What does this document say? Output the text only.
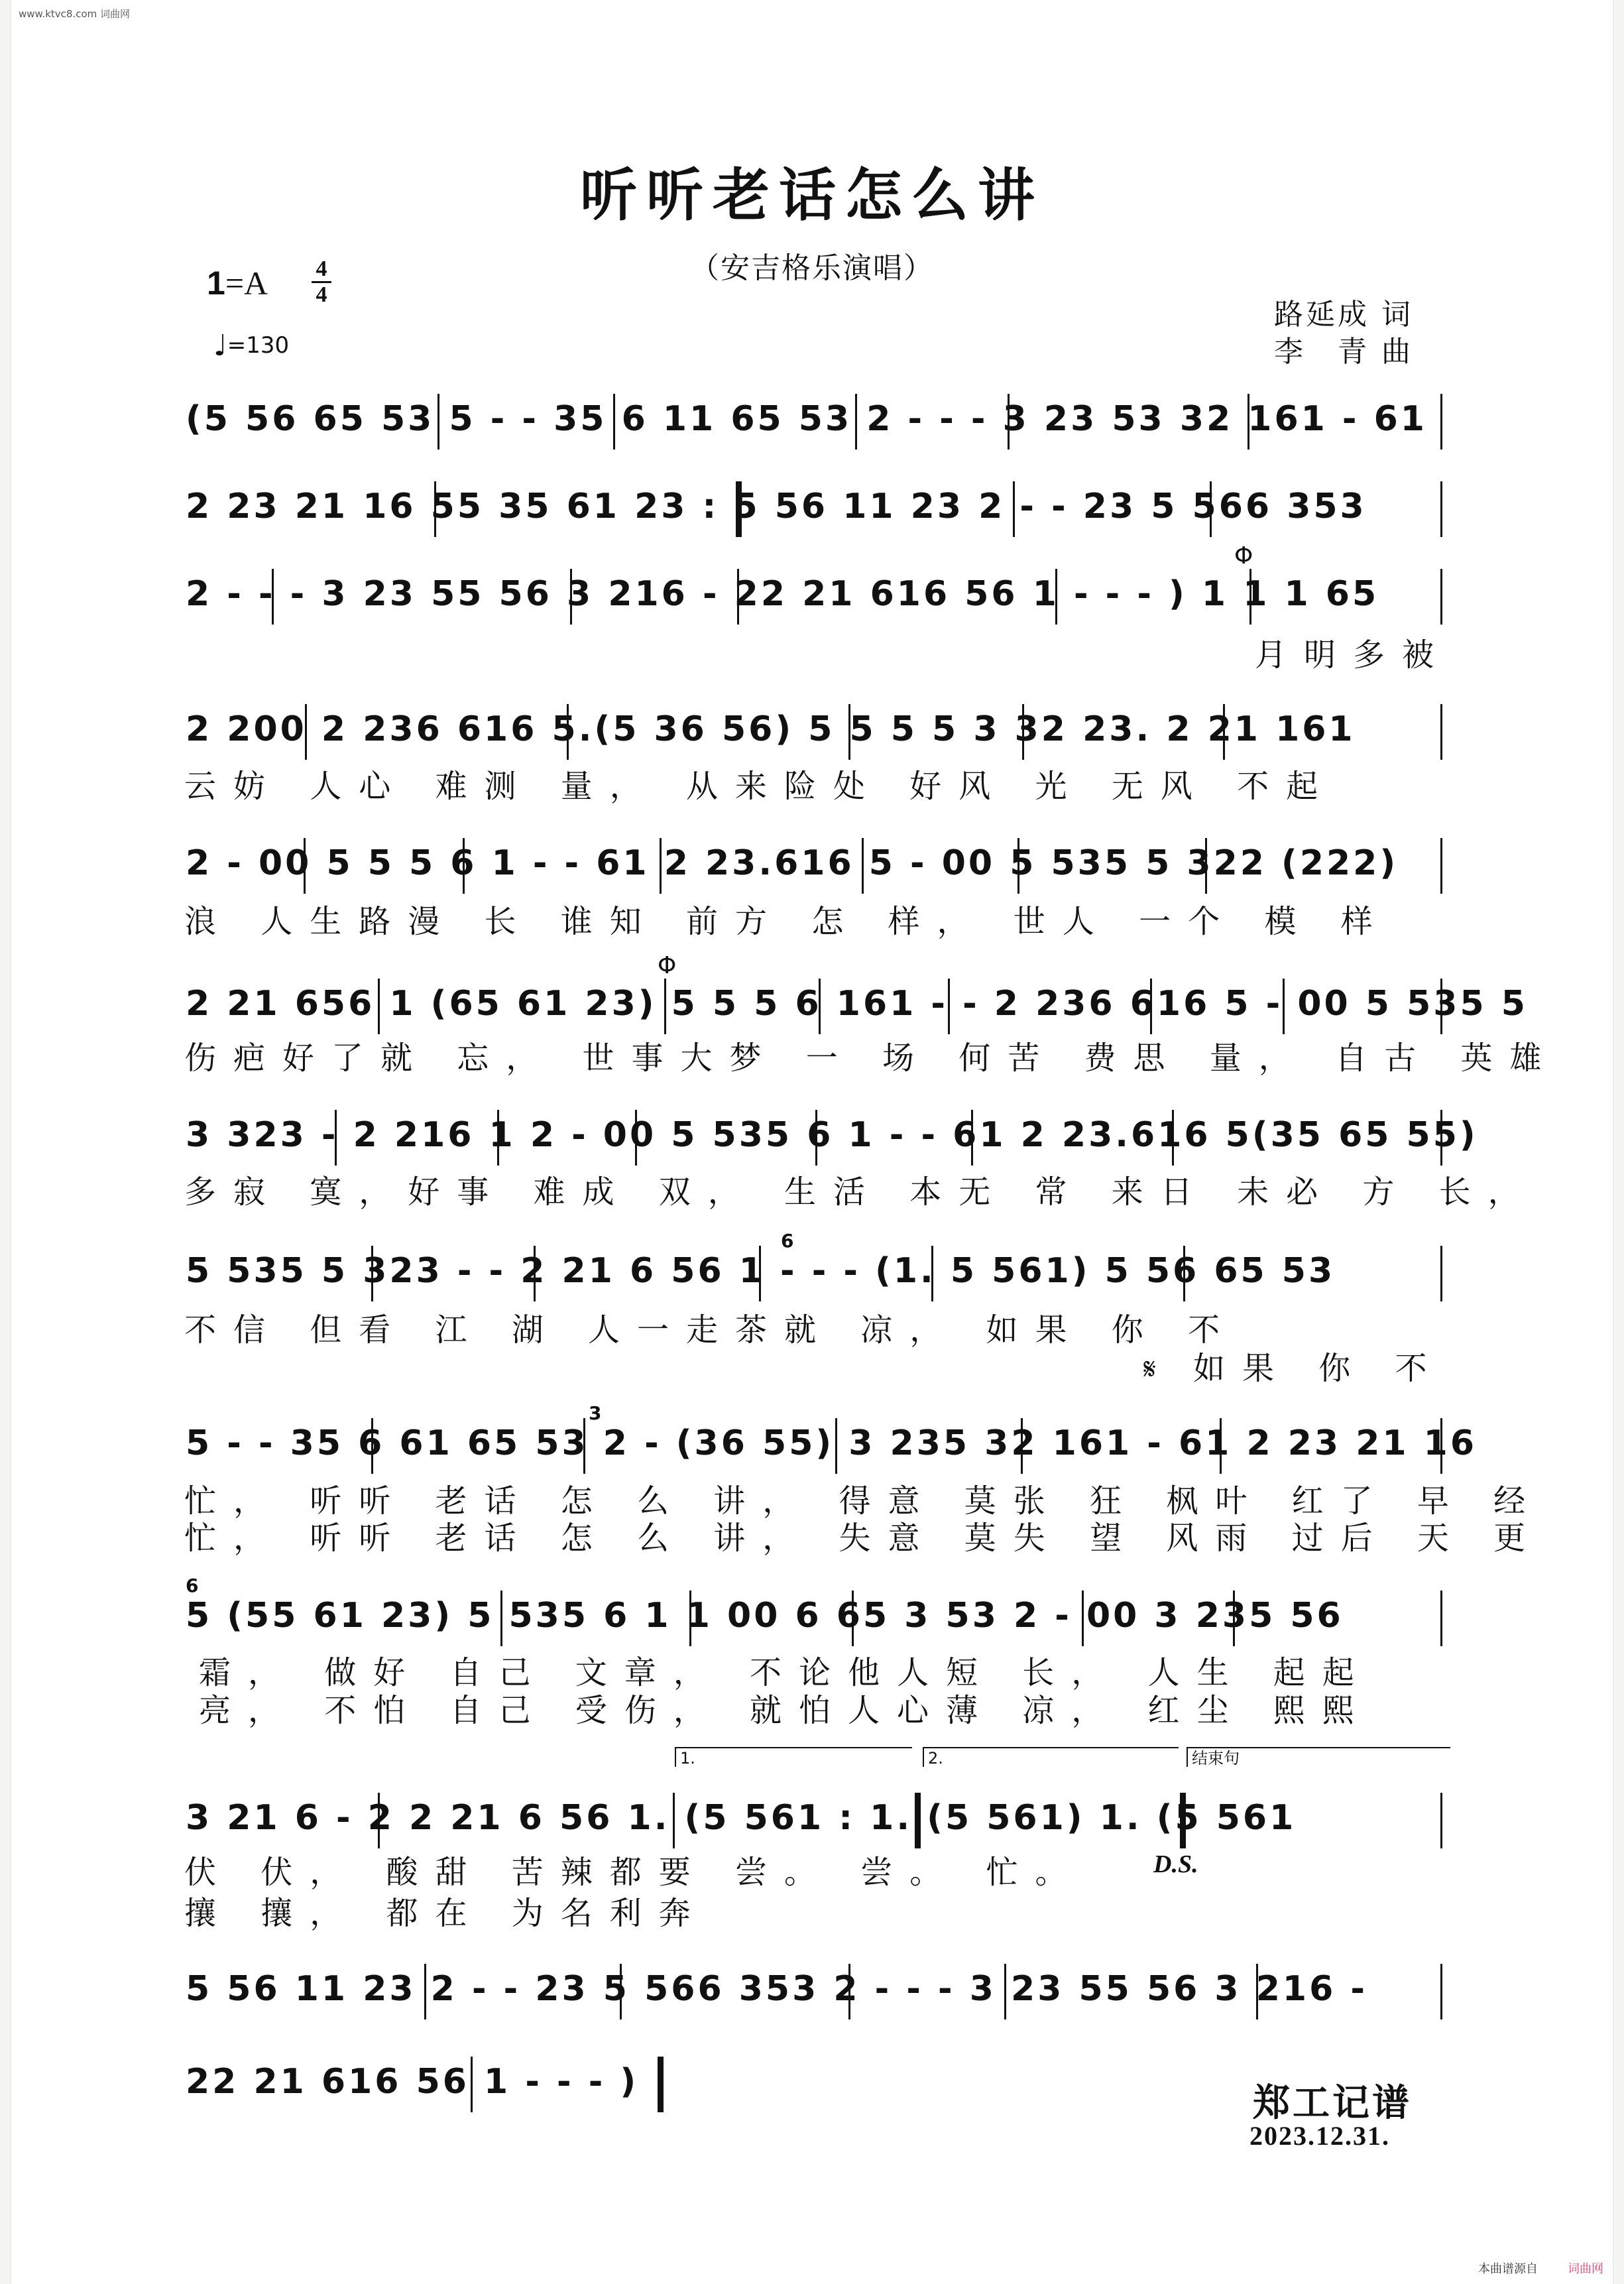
www.ktvc8.com 词曲网
听听老话怎么讲
（安吉格乐演唱）
1=A 4
4
♩=130
路延成 词
李　青 曲
(5 56 65 53 5 - - 35 6 11 65 53 2 - - - 3 23 53 32 161 - 61
2 23 21 16 55 35 61 23 : 5 56 11 23 2 - - 23 5 566 353
2 - - - 3 23 55 56 3 216 - 22 21 616 56 1 - - - ) 1 1 1 65
Φ
月明多被
2 200 2 236 616 5.(5 36 56) 5 5 5 5 3 32 23. 2 21 161
云妨 人心 难测 量， 从来险处 好风 光 无风 不起
2 - 00 5 5 5 6 1 - - 61 2 23.616 5 - 00 5 535 5 322 (222)
浪 人生路漫 长 谁知 前方 怎 样， 世人 一个 模 样
2 21 656 1 (65 61 23) 5 5 5 6 161 - - 2 236 616 5 - 00 5 535 5
Φ
伤疤好了就 忘， 世事大梦 一 场 何苦 费思 量， 自古 英雄
3 323 - 2 216 1 2 - 00 5 535 6 1 - - 61 2 23.616 5(35 65 55)
多寂 寞，好事 难成 双， 生活 本无 常 来日 未必 方 长，
5 535 5 323 - - 2 21 6 56 1 - - - (1. 5 561) 5 56 65 53
6
不信 但看 江 湖 人一走茶就 凉， 如果 你 不
𝄋 如果 你 不
5 - - 35 6 61 65 53 2 - (36 55) 3 235 32 161 - 61 2 23 21 16
3
忙， 听听 老话 怎 么 讲， 得意 莫张 狂 枫叶 红了 早 经
忙， 听听 老话 怎 么 讲， 失意 莫失 望 风雨 过后 天 更
5 (55 61 23) 5 535 6 1 1 00 6 65 3 53 2 - 00 3 235 56
6
霜， 做好 自己 文章， 不论他人短 长， 人生 起起
亮， 不怕 自己 受伤， 就怕人心薄 凉， 红尘 熙熙
1.	2.	结束句
3 21 6 - 2 2 21 6 56 1. (5 561 : 1. (5 561) 1. (5 561
伏 伏， 酸甜 苦辣都要 尝。 尝。 忙。	D.S.
攘 攘， 都在 为名利奔
5 56 11 23 2 - - 23 5 566 353 2 - - - 3 23 55 56 3 216 -
22 21 616 56 1 - - - )	郑工记谱
2023.12.31.
本曲谱源自	词曲网
